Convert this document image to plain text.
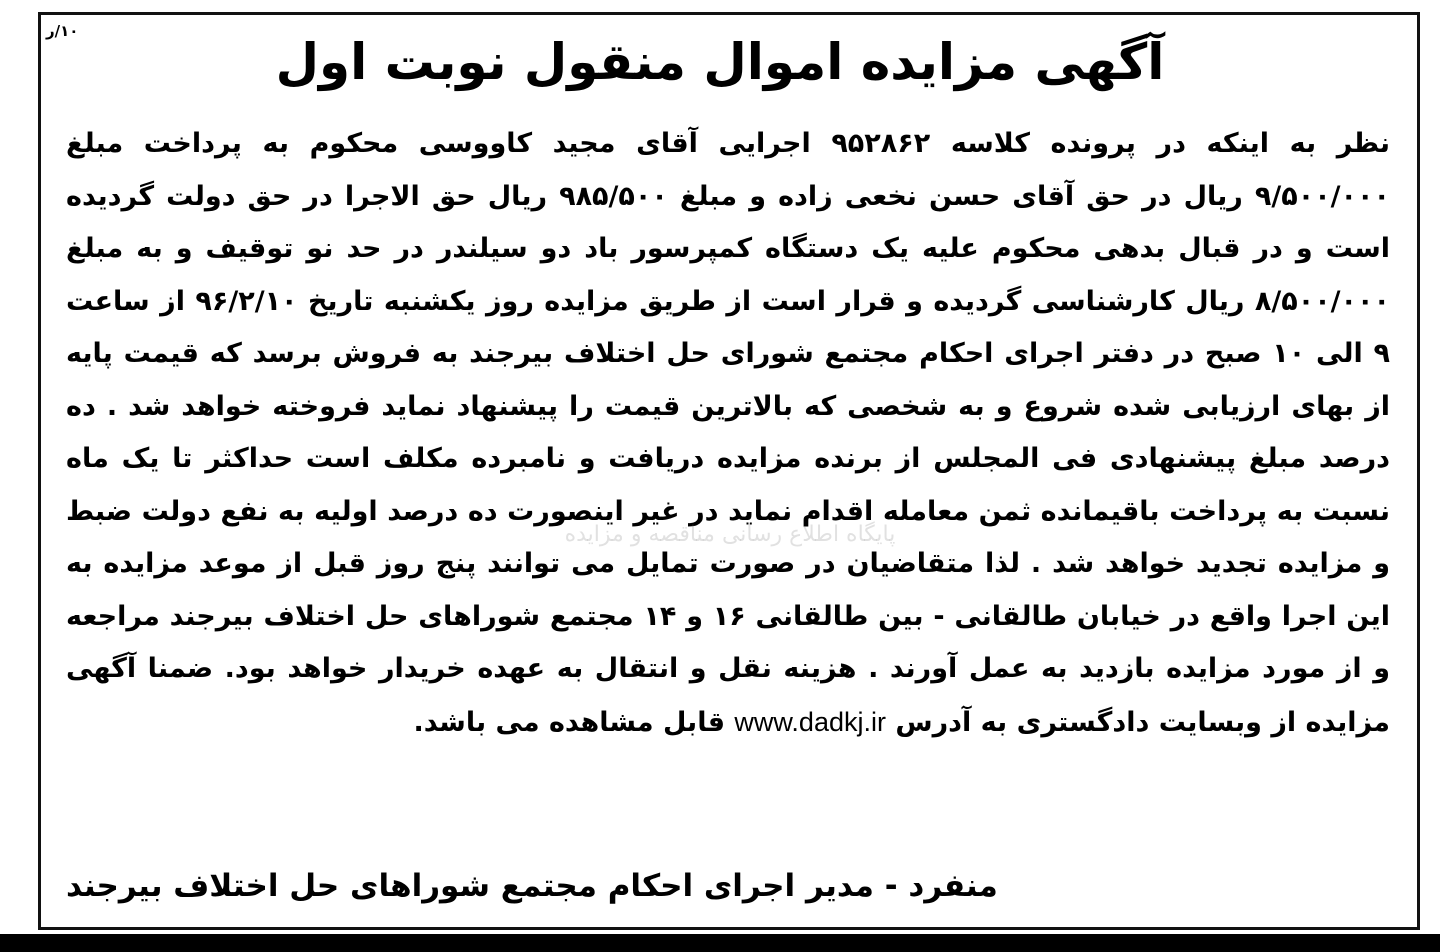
۱۰/ر
آگهی مزایده اموال منقول نوبت اول
نظر به اینکه در پرونده کلاسه ۹۵۲۸۶۲ اجرایی آقای مجید کاووسی محکوم به پرداخت مبلغ
۹/۵۰۰/۰۰۰ ریال در حق آقای حسن نخعی زاده و مبلغ ۹۸۵/۵۰۰ ریال حق الاجرا در حق دولت گردیده
است و در قبال بدهی محکوم علیه یک دستگاه کمپرسور باد دو سیلندر در حد نو توقیف و به مبلغ
۸/۵۰۰/۰۰۰ ریال کارشناسی گردیده و قرار است از طریق مزایده روز یکشنبه تاریخ ۹۶/۲/۱۰ از ساعت
۹ الی ۱۰ صبح در دفتر اجرای احکام مجتمع شورای حل اختلاف بیرجند به فروش برسد که قیمت پایه
از بهای ارزیابی شده شروع و به شخصی که بالاترین قیمت را پیشنهاد نماید فروخته خواهد شد . ده
درصد مبلغ پیشنهادی فی المجلس از برنده مزایده دریافت و نامبرده مکلف است حداکثر تا یک ماه
نسبت به پرداخت باقیمانده ثمن معامله اقدام نماید در غیر اینصورت ده درصد اولیه به نفع دولت ضبط
و مزایده تجدید خواهد شد . لذا متقاضیان در صورت تمایل می توانند پنج روز قبل از موعد مزایده به
این اجرا واقع در خیابان طالقانی - بین طالقانی ۱۶ و ۱۴ مجتمع شوراهای حل اختلاف بیرجند مراجعه
و از مورد مزایده بازدید به عمل آورند . هزینه نقل و انتقال به عهده خریدار خواهد بود. ضمنا آگهی
مزایده از وبسایت دادگستری به آدرس www.dadkj.ir قابل مشاهده می باشد.
پایگاه اطلاع رسانی مناقصه و مزایده
منفرد - مدیر اجرای احکام مجتمع شوراهای حل اختلاف بیرجند
